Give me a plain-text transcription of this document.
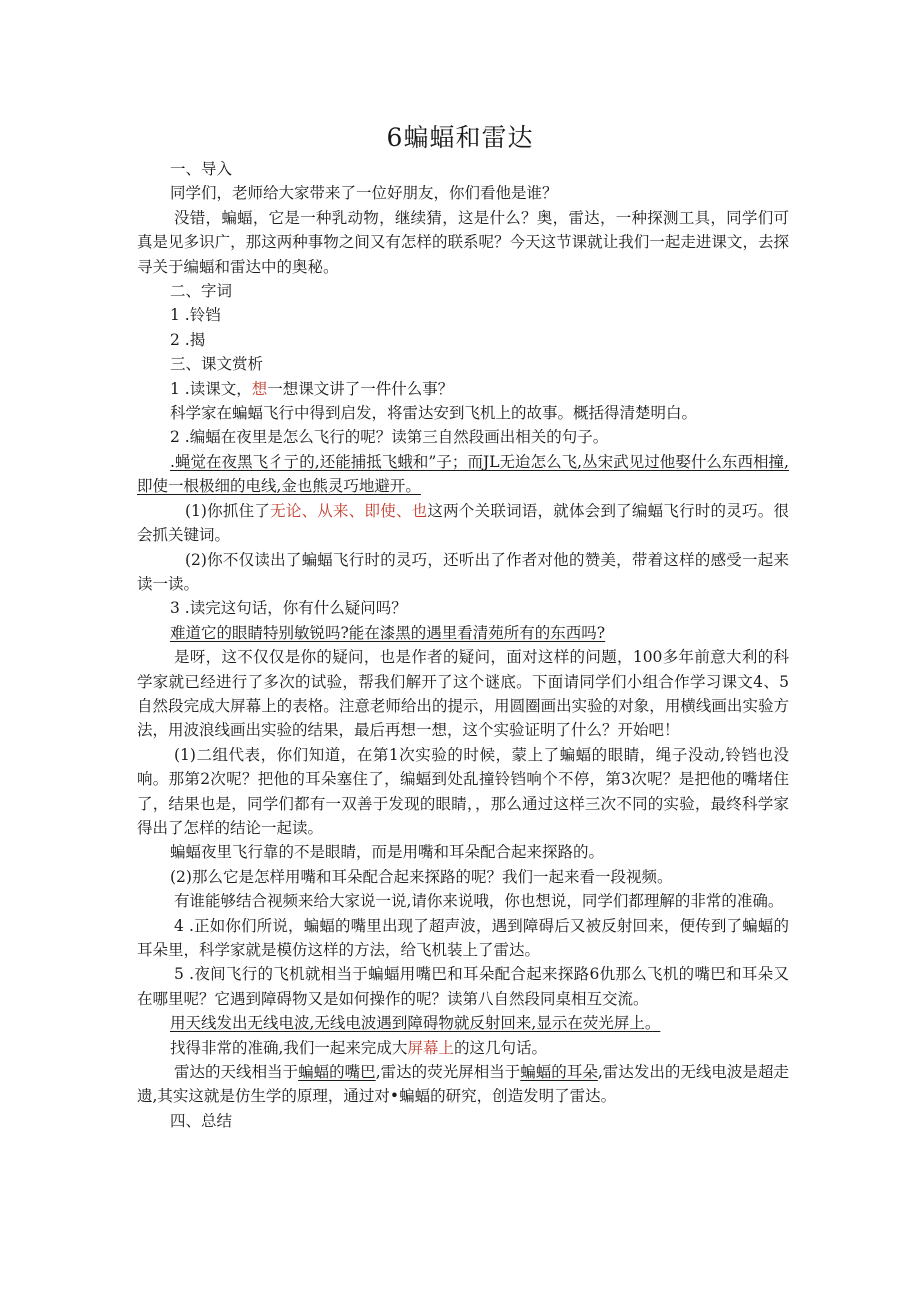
6蝙蝠和雷达

一、导入

同学们，老师给大家带来了一位好朋友，你们看他是谁？

没错，蝙蝠，它是一种乳动物，继续猜，这是什么？奥，雷达，一种探测工具，同学们可真是见多识广，那这两种事物之间又有怎样的联系呢？今天这节课就让我们一起走进课文，去探寻关于编蝠和雷达中的奥秘。

二、字词

1 .铃铛

2 .揭

三、课文赏析

1 .读课文，想一想课文讲了一件什么事？

科学家在蝙蝠飞行中得到启发，将雷达安到飞机上的故事。概括得清楚明白。

2 .编蝠在夜里是怎么飞行的呢？读第三自然段画出相关的句子。

.蝇觉在夜黑飞彳亍的,还能捕抵飞蛾和”子；而JL无迨怎么飞,丛宋武见过他娶什么东西相撞,即使一根极细的电线,金也熊灵巧地避开。

(1)你抓住了无论、从来、即使、也这两个关联词语，就体会到了编蝠飞行时的灵巧。很会抓关键词。

(2)你不仅读出了蝙蝠飞行时的灵巧，还听出了作者对他的赞美，带着这样的感受一起来读一读。

3 .读完这句话，你有什么疑问吗？

难道它的眼睛特别敏锐吗?能在漆黑的遇里看清苑所有的东西吗?

是呀，这不仅仅是你的疑问，也是作者的疑问，面对这样的问题，100多年前意大利的科学家就已经进行了多次的试验，帮我们解开了这个谜底。下面请同学们小组合作学习课文4、5自然段完成大屏幕上的表格。注意老师给出的提示，用圆圈画出实验的对象，用横线画出实验方法，用波浪线画出实验的结果，最后再想一想，这个实验证明了什么？开始吧！

(1)二组代表，你们知道，在第1次实验的时候，蒙上了蝙蝠的眼睛，绳子没动,铃铛也没响。那第2次呢？把他的耳朵塞住了，编蝠到处乱撞铃铛响个不停，第3次呢？是把他的嘴堵住了，结果也是，同学们都有一双善于发现的眼睛，，那么通过这样三次不同的实验，最终科学家得出了怎样的结论一起读。

蝙蝠夜里飞行靠的不是眼睛，而是用嘴和耳朵配合起来探路的。

(2)那么它是怎样用嘴和耳朵配合起来探路的呢？我们一起来看一段视频。

有谁能够结合视频来给大家说一说,请你来说哦，你也想说，同学们都理解的非常的准确。

4 .正如你们所说，蝙蝠的嘴里出现了超声波，遇到障碍后又被反射回来，便传到了蝙蝠的耳朵里，科学家就是模仿这样的方法，给飞机装上了雷达。

5 .夜间飞行的飞机就相当于蝙蝠用嘴巴和耳朵配合起来探路6仇那么飞机的嘴巴和耳朵又在哪里呢？它遇到障碍物又是如何操作的呢？读第八自然段同桌相互交流。

用天线发出无线电波,无线电波遇到障碍物就反射回来,显示在荧光屏上。

找得非常的准确,我们一起来完成大屏幕上的这几句话。

雷达的天线相当于蝙蝠的嘴巴,雷达的荧光屏相当于蝙蝠的耳朵,雷达发出的无线电波是超走遗,其实这就是仿生学的原理，通过对•蝙蝠的研究，创造发明了雷达。

四、总结
